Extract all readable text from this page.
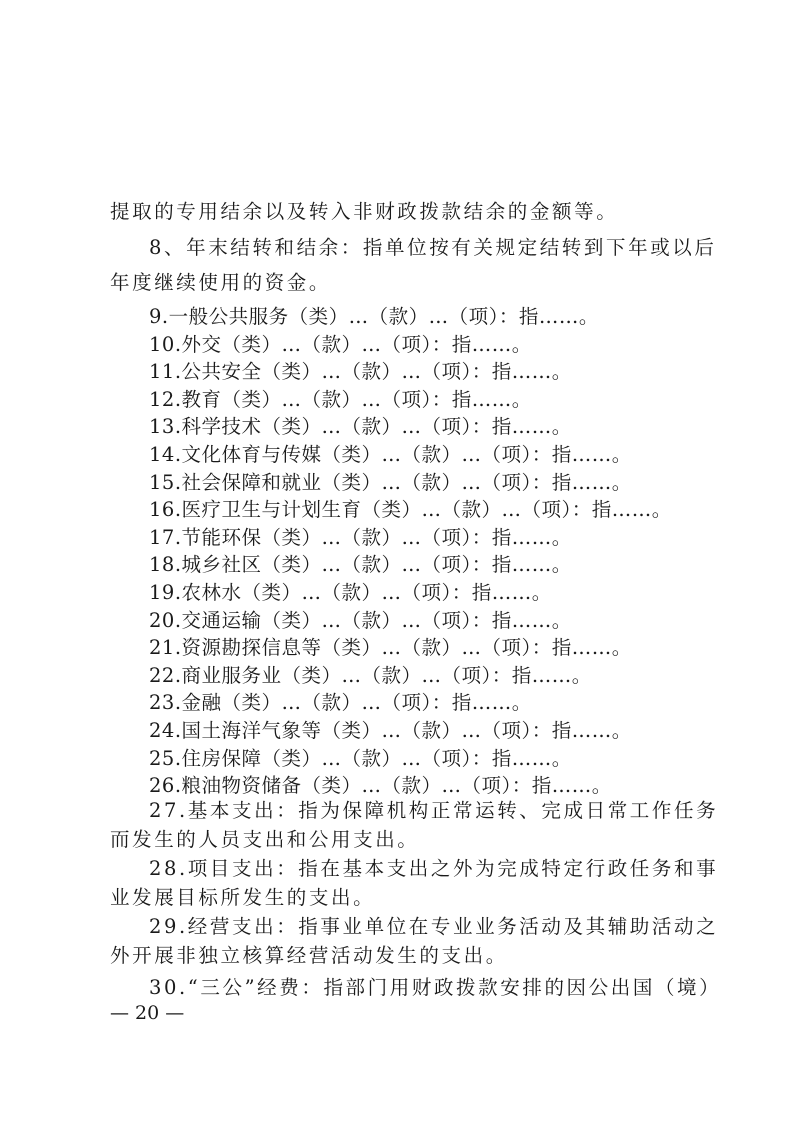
提取的专用结余以及转入非财政拨款结余的金额等。
8、年末结转和结余：指单位按有关规定结转到下年或以后
年度继续使用的资金。
9.一般公共服务（类）…（款）…（项）：指……。
10.外交（类）…（款）…（项）：指……。
11.公共安全（类）…（款）…（项）：指……。
12.教育（类）…（款）…（项）：指……。
13.科学技术（类）…（款）…（项）：指……。
14.文化体育与传媒（类）…（款）…（项）：指……。
15.社会保障和就业（类）…（款）…（项）：指……。
16.医疗卫生与计划生育（类）…（款）…（项）：指……。
17.节能环保（类）…（款）…（项）：指……。
18.城乡社区（类）…（款）…（项）：指……。
19.农林水（类）…（款）…（项）：指……。
20.交通运输（类）…（款）…（项）：指……。
21.资源勘探信息等（类）…（款）…（项）：指……。
22.商业服务业（类）…（款）…（项）：指……。
23.金融（类）…（款）…（项）：指……。
24.国土海洋气象等（类）…（款）…（项）：指……。
25.住房保障（类）…（款）…（项）：指……。
26.粮油物资储备（类）…（款）…（项）：指……。
27.基本支出：指为保障机构正常运转、完成日常工作任务
而发生的人员支出和公用支出。
28.项目支出：指在基本支出之外为完成特定行政任务和事
业发展目标所发生的支出。
29.经营支出：指事业单位在专业业务活动及其辅助活动之
外开展非独立核算经营活动发生的支出。
30.“三公”经费：指部门用财政拨款安排的因公出国（境）
— 20 —
